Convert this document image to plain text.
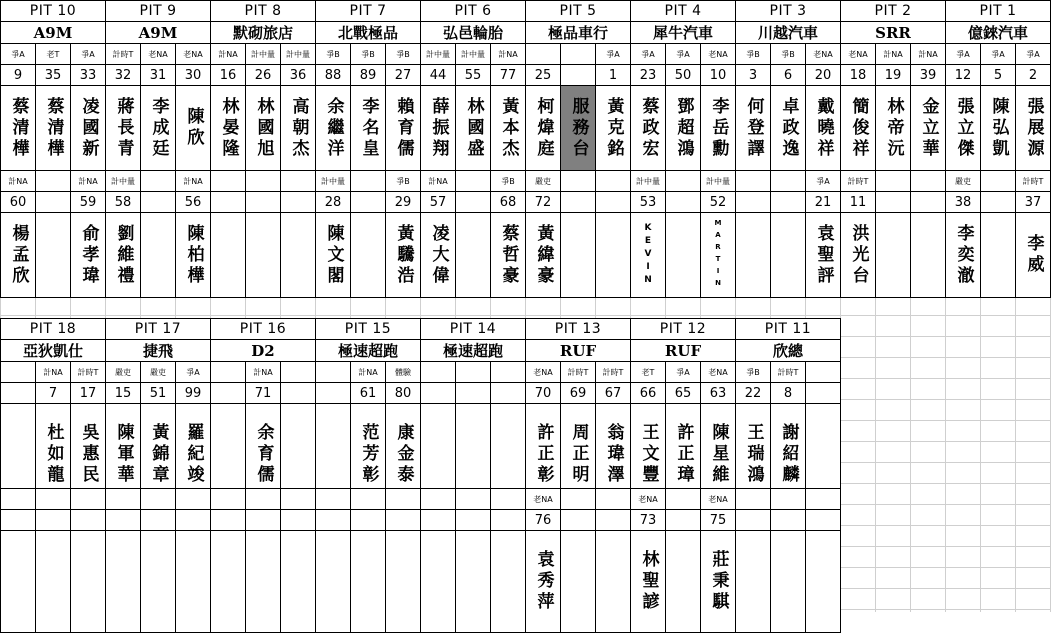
PIT 10
A9M
PIT 9
A9M
PIT 8
默砌旅店
PIT 7
北戰極品
PIT 6
弘邑輪胎
PIT 5
極品車行
PIT 4
犀牛汽車
PIT 3
川越汽車
PIT 2
SRR
PIT 1
億錸汽車
爭A
9
蔡清樺
老T
35
蔡清樺
爭A
33
凌國新
計時T
32
蔣長青
老NA
31
李成廷
老NA
30
陳欣
計NA
16
林晏隆
計中量
26
林國旭
計中量
36
高朝杰
爭B
88
余繼洋
爭B
89
李名皇
爭B
27
賴育儒
計中量
44
薛振翔
計中量
55
林國盛
計NA
77
黃本杰
25
柯煒庭 服務台
爭A
1
黃克銘
爭A
23
蔡政宏
爭A
50
鄧超鴻
老NA
10
李岳勳
爭B
3
何登譯
爭B
6
卓政逸
老NA
20
戴曉祥
老NA
18
簡俊祥
計NA
19
林帝沅
計NA
39
金立華
爭A
12
張立傑
爭A
5
陳弘凱
爭A
2
張展源
計NA
60
楊孟欣
計NA
59
俞孝瑋
計中量
58
劉維禮
計NA
56
陳柏樺
計中量
28
陳文閣
爭B
29
黃驣浩
計NA
57
凌大偉
爭B
68
蔡哲豪
嚴吏
72
黃緯豪
計中量
53
KEVIN
計中量
52
MARTIN
爭A
21
袁聖評
計時T
11
洪光台
嚴吏
38
李奕澈
計時T
37
李威
PIT 18
亞狄凱仕
PIT 17
捷飛
PIT 16
D2
PIT 15
極速超跑
PIT 14
極速超跑
PIT 13
RUF
PIT 12
RUF
PIT 11
欣總
計NA
7
杜如龍
計時T
17
吳惠民
嚴吏
15
陳軍華
嚴吏
51
黃錦章
爭A
99
羅紀竣
計NA
71
余育儒
計NA
61
范芳彰
體驗
80
康金泰
老NA
70
許正彰
計時T
69
周正明
計時T
67
翁瑋澤
老T
66
王文豐
爭A
65
許正璋
老NA
63
陳星維
爭B
22
王瑞鴻
計時T
8
謝紹麟
老NA
76
袁秀萍
老NA
73
林聖諺
老NA
75
莊秉騏
